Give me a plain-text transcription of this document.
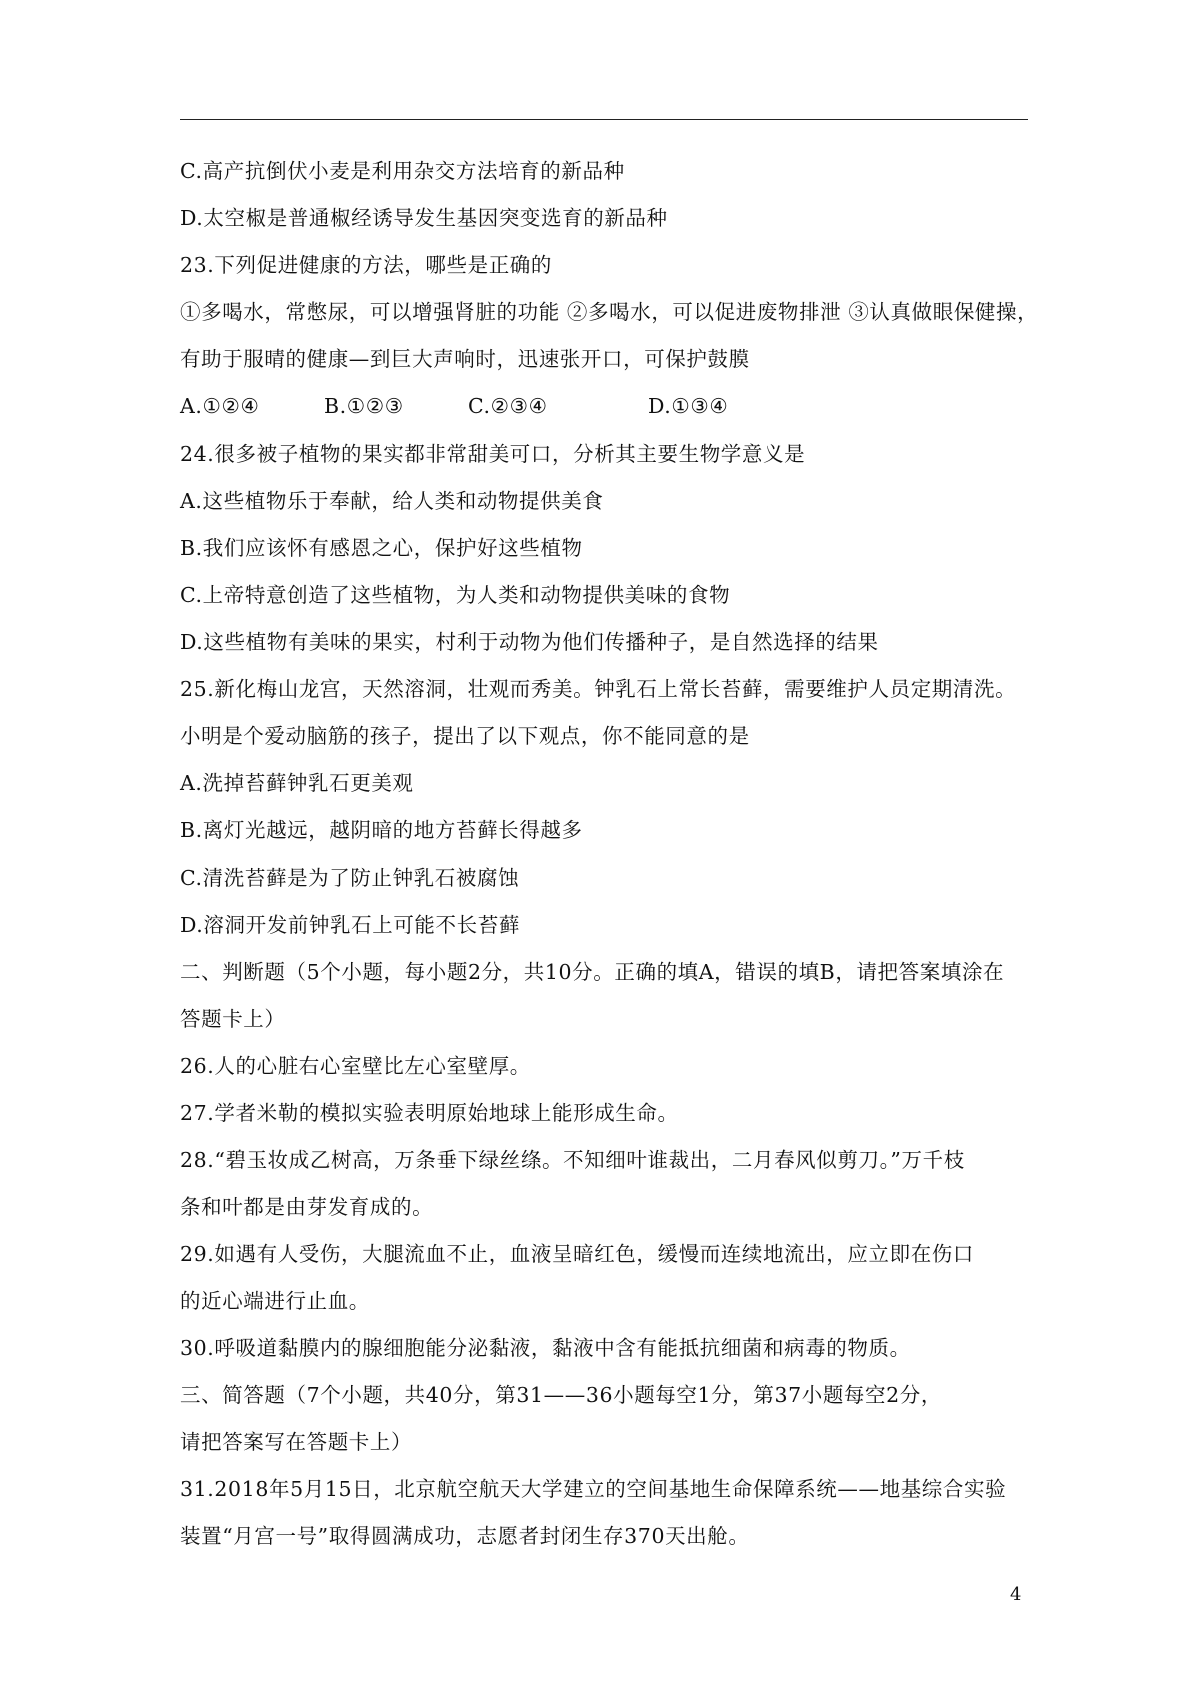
C.高产抗倒伏小麦是利用杂交方法培育的新品种
D.太空椒是普通椒经诱导发生基因突变选育的新品种
23.下列促进健康的方法，哪些是正确的
①多喝水，常憋尿，可以增强肾脏的功能 ②多喝水，可以促进废物排泄 ③认真做眼保健操，
有助于服晴的健康—到巨大声响时，迅速张开口，可保护鼓膜
A.①②④	B.①②③	C.②③④	D.①③④
24.很多被子植物的果实都非常甜美可口，分析其主要生物学意义是
A.这些植物乐于奉献，给人类和动物提供美食
B.我们应该怀有感恩之心，保护好这些植物
C.上帝特意创造了这些植物，为人类和动物提供美味的食物
D.这些植物有美味的果实，村利于动物为他们传播种子，是自然选择的结果
25.新化梅山龙宫，天然溶洞，壮观而秀美。钟乳石上常长苔藓，需要维护人员定期清洗。
小明是个爱动脑筋的孩子，提出了以下观点，你不能同意的是
A.洗掉苔藓钟乳石更美观
B.离灯光越远，越阴暗的地方苔藓长得越多
C.清洗苔藓是为了防止钟乳石被腐蚀
D.溶洞开发前钟乳石上可能不长苔藓
二、判断题（5个小题，每小题2分，共10分。正确的填A，错误的填B，请把答案填涂在
答题卡上）
26.人的心脏右心室壁比左心室壁厚。
27.学者米勒的模拟实验表明原始地球上能形成生命。
28.“碧玉妆成乙树高，万条垂下绿丝绦。不知细叶谁裁出，二月春风似剪刀。”万千枝
条和叶都是由芽发育成的。
29.如遇有人受伤，大腿流血不止，血液呈暗红色，缓慢而连续地流出，应立即在伤口
的近心端进行止血。
30.呼吸道黏膜内的腺细胞能分泌黏液，黏液中含有能抵抗细菌和病毒的物质。
三、简答题（7个小题，共40分，第31——36小题每空1分，第37小题每空2分，
请把答案写在答题卡上）
31.2018年5月15日，北京航空航天大学建立的空间基地生命保障系统——地基综合实验
装置“月宫一号”取得圆满成功，志愿者封闭生存370天出舱。
4
